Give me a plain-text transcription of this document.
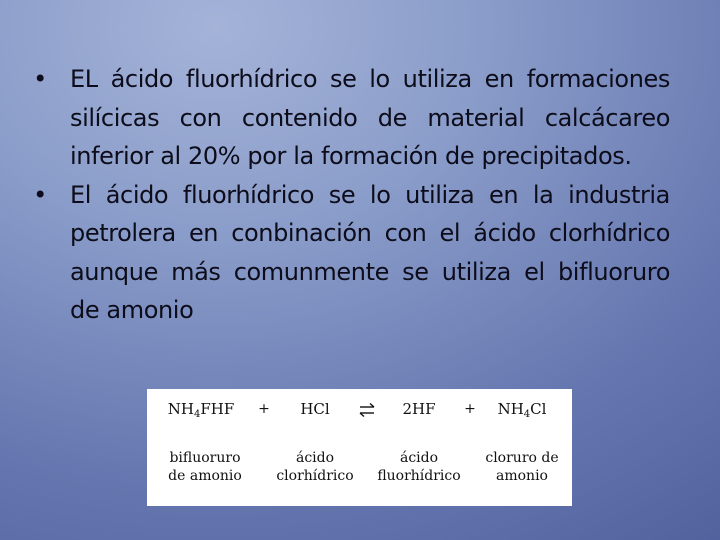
• EL ácido fluorhídrico se lo utiliza en formaciones silícicas con contenido de material calcácareo inferior al 20% por la formación de precipitados.
• El ácido fluorhídrico se lo utiliza en la industria petrolera en conbinación con el ácido clorhídrico aunque más comunmente se utiliza el bifluoruro de amonio
$NH_4FHF$ + HCl	$2HF + NH_4Cl$
bifluoruro
de amonio
ácido
clorhídrico
ácido
fluorhídrico
cloruro de
amonio
